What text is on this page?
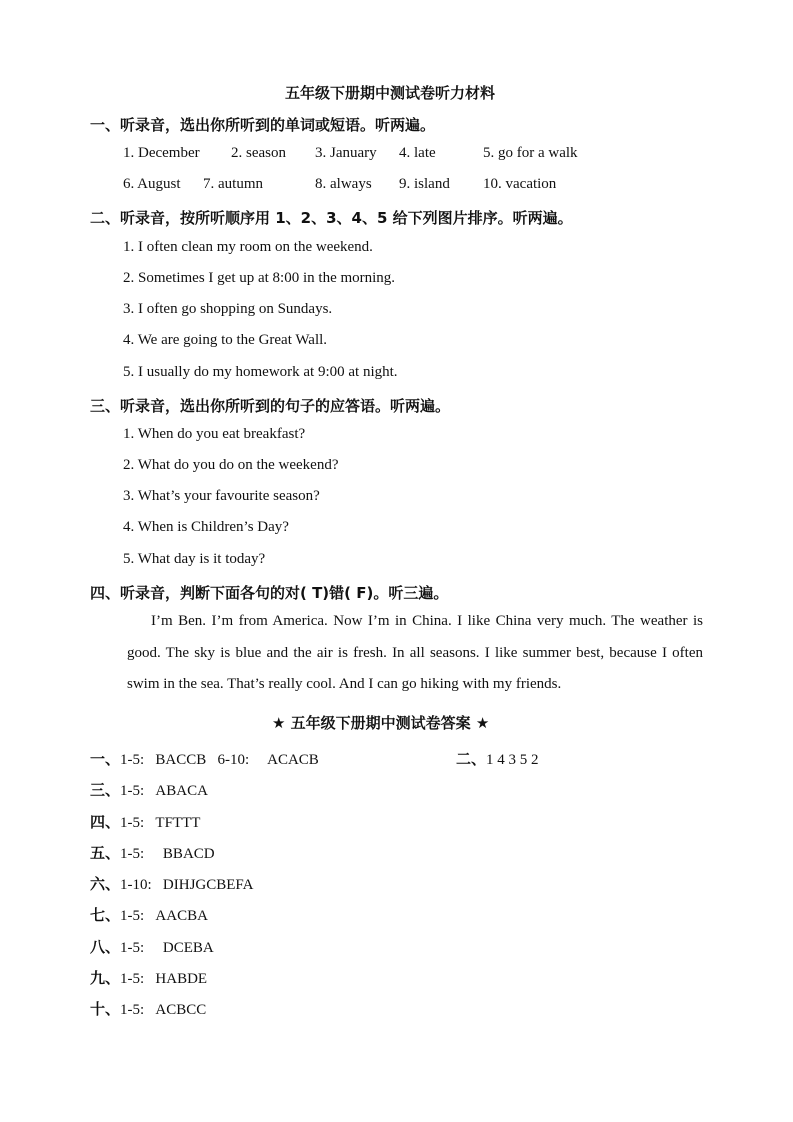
五年级下册期中测试卷听力材料
一、听录音，选出你所听到的单词或短语。听两遍。
1. December 2. season 3. January 4. late	5. go for a walk
6. August 7. autumn	8. always 9. island 10. vacation
二、听录音，按所听顺序用 1、2、3、4、5 给下列图片排序。听两遍。
1. I often clean my room on the weekend.
2. Sometimes I get up at 8:00 in the morning.
3. I often go shopping on Sundays.
4. We are going to the Great Wall.
5. I usually do my homework at 9:00 at night.
三、听录音，选出你所听到的句子的应答语。听两遍。
1. When do you eat breakfast?
2. What do you do on the weekend?
3. What’s your favourite season?
4. When is Children’s Day?
5. What day is it today?
四、听录音，判断下面各句的对( T)错( F)。听三遍。
I’m Ben. I’m from America. Now I’m in China. I like China very much. The weather is good. The sky is blue and the air is fresh. In all seasons. I like summer best, because I often swim in the sea. That’s really cool. And I can go hiking with my friends.
★ 五年级下册期中测试卷答案 ★
一、1-5:   BACCB   6-10:     ACACB	二、1 4 3 5 2
三、1-5:   ABACA
四、1-5:   TFTTT
五、1-5:     BBACD
六、1-10:   DIHJGCBEFA
七、1-5:   AACBA
八、1-5:     DCEBA
九、1-5:   HABDE
十、1-5:   ACBCC
